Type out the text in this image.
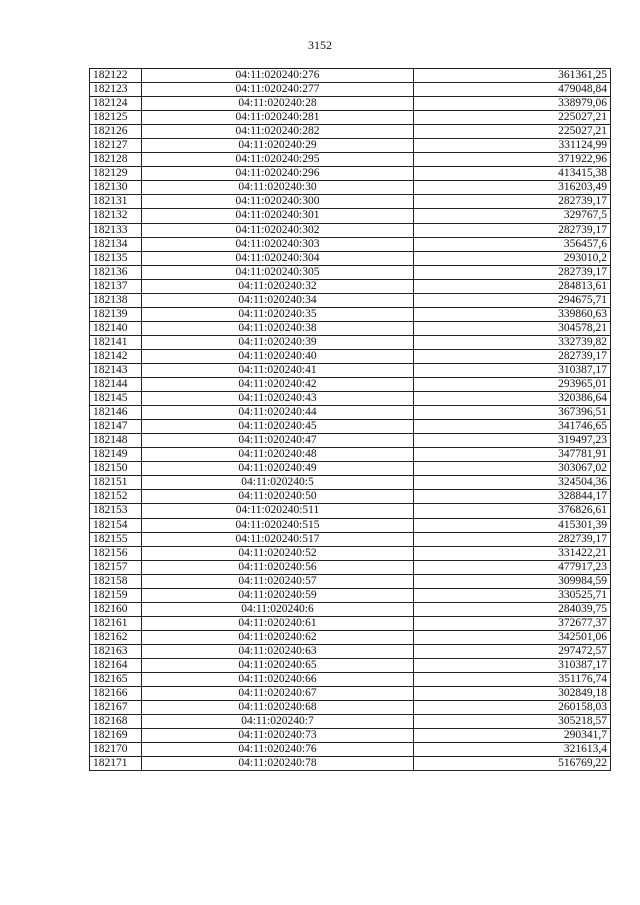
3152
182122	04:11:020240:276	361361,25
182123	04:11:020240:277	479048,84
182124	04:11:020240:28	338979,06
182125	04:11:020240:281	225027,21
182126	04:11:020240:282	225027,21
182127	04:11:020240:29	331124,99
182128	04:11:020240:295	371922,96
182129	04:11:020240:296	413415,38
182130	04:11:020240:30	316203,49
182131	04:11:020240:300	282739,17
182132	04:11:020240:301	329767,5
182133	04:11:020240:302	282739,17
182134	04:11:020240:303	356457,6
182135	04:11:020240:304	293010,2
182136	04:11:020240:305	282739,17
182137	04:11:020240:32	284813,61
182138	04:11:020240:34	294675,71
182139	04:11:020240:35	339860,63
182140	04:11:020240:38	304578,21
182141	04:11:020240:39	332739,82
182142	04:11:020240:40	282739,17
182143	04:11:020240:41	310387,17
182144	04:11:020240:42	293965,01
182145	04:11:020240:43	320386,64
182146	04:11:020240:44	367396,51
182147	04:11:020240:45	341746,65
182148	04:11:020240:47	319497,23
182149	04:11:020240:48	347781,91
182150	04:11:020240:49	303067,02
182151	04:11:020240:5	324504,36
182152	04:11:020240:50	328844,17
182153	04:11:020240:511	376826,61
182154	04:11:020240:515	415301,39
182155	04:11:020240:517	282739,17
182156	04:11:020240:52	331422,21
182157	04:11:020240:56	477917,23
182158	04:11:020240:57	309984,59
182159	04:11:020240:59	330525,71
182160	04:11:020240:6	284039,75
182161	04:11:020240:61	372677,37
182162	04:11:020240:62	342501,06
182163	04:11:020240:63	297472,57
182164	04:11:020240:65	310387,17
182165	04:11:020240:66	351176,74
182166	04:11:020240:67	302849,18
182167	04:11:020240:68	260158,03
182168	04:11:020240:7	305218,57
182169	04:11:020240:73	290341,7
182170	04:11:020240:76	321613,4
182171	04:11:020240:78	516769,22
